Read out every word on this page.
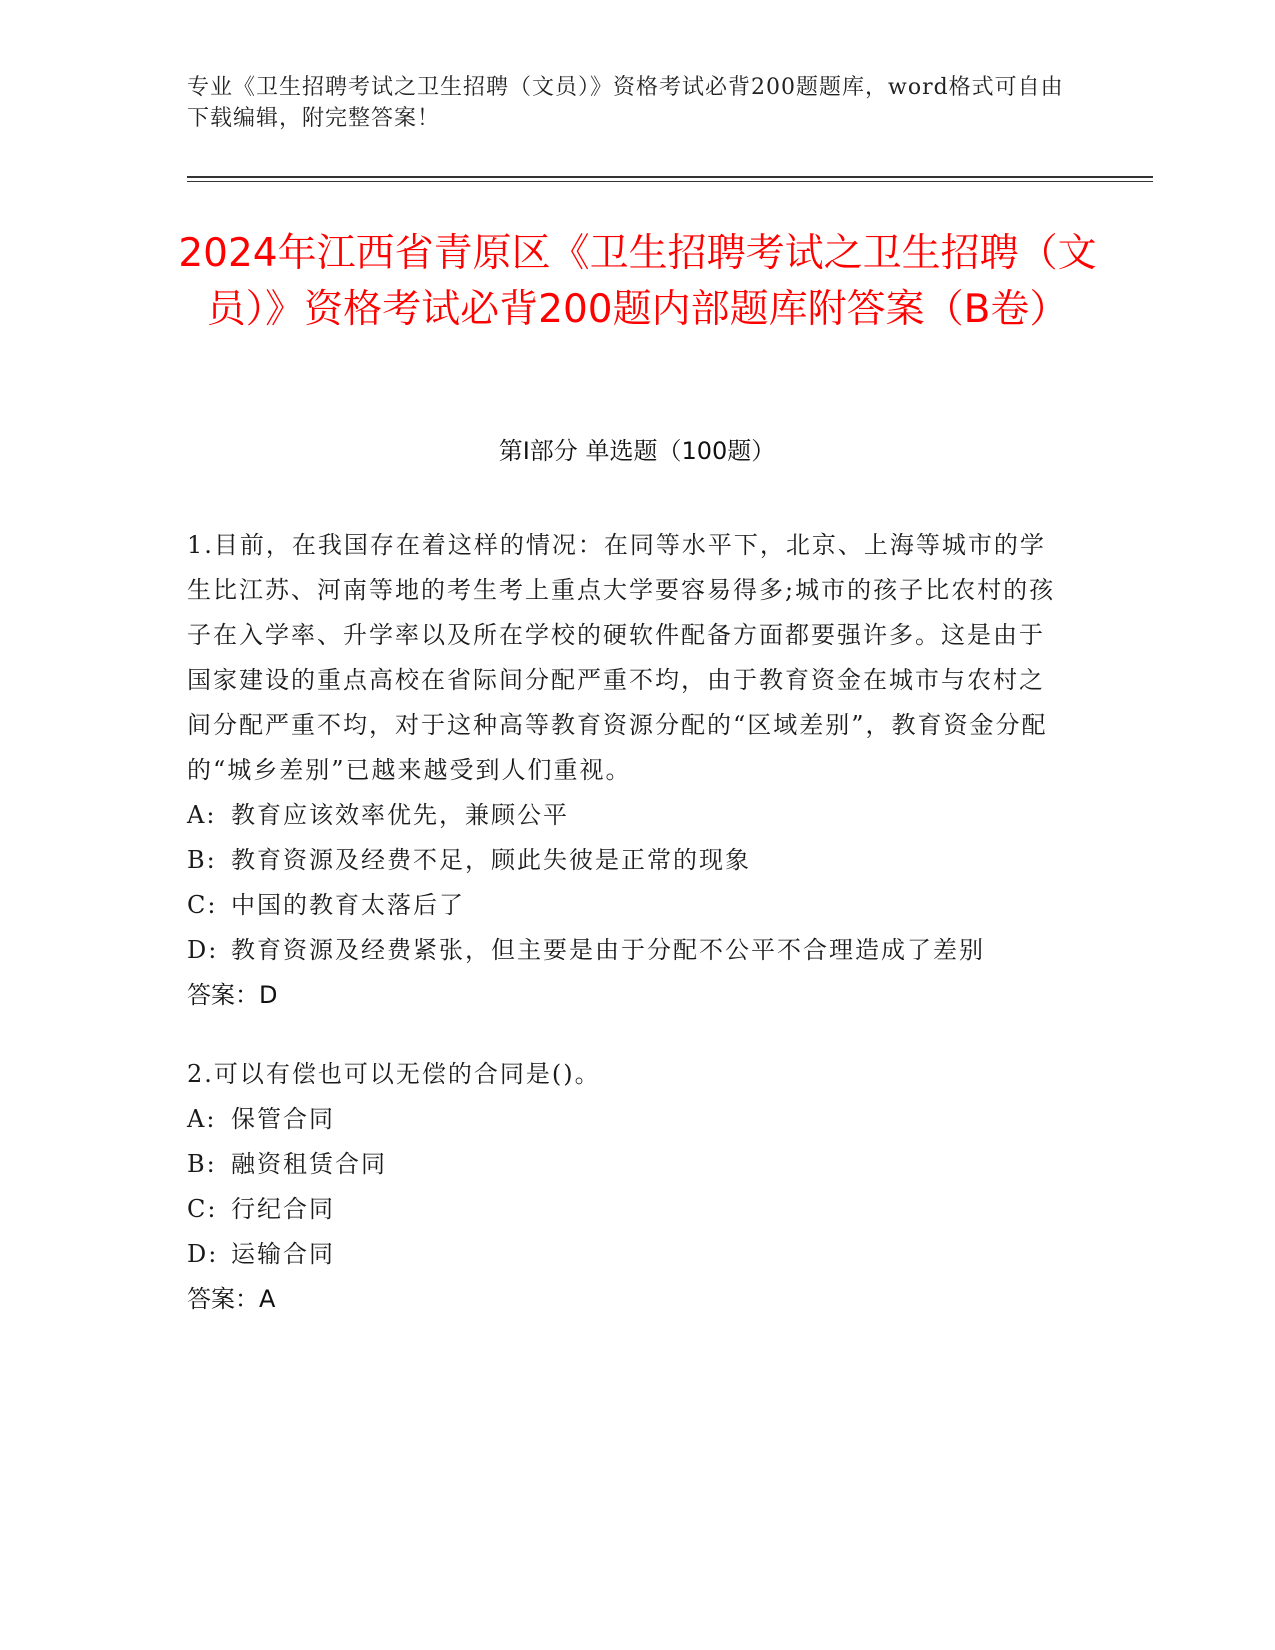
专业《卫生招聘考试之卫生招聘（文员）》资格考试必背200题题库，word格式可自由下载编辑，附完整答案！
2024年江西省青原区《卫生招聘考试之卫生招聘（文员）》资格考试必背200题内部题库附答案（B卷）
第I部分 单选题（100题）
1.目前，在我国存在着这样的情况：在同等水平下，北京、上海等城市的学生比江苏、河南等地的考生考上重点大学要容易得多;城市的孩子比农村的孩子在入学率、升学率以及所在学校的硬软件配备方面都要强许多。这是由于国家建设的重点高校在省际间分配严重不均，由于教育资金在城市与农村之间分配严重不均，对于这种高等教育资源分配的“区域差别”，教育资金分配的“城乡差别”已越来越受到人们重视。
A: 教育应该效率优先，兼顾公平
B: 教育资源及经费不足，顾此失彼是正常的现象
C: 中国的教育太落后了
D: 教育资源及经费紧张，但主要是由于分配不公平不合理造成了差别
答案：D
2.可以有偿也可以无偿的合同是()。
A: 保管合同
B: 融资租赁合同
C: 行纪合同
D: 运输合同
答案：A
